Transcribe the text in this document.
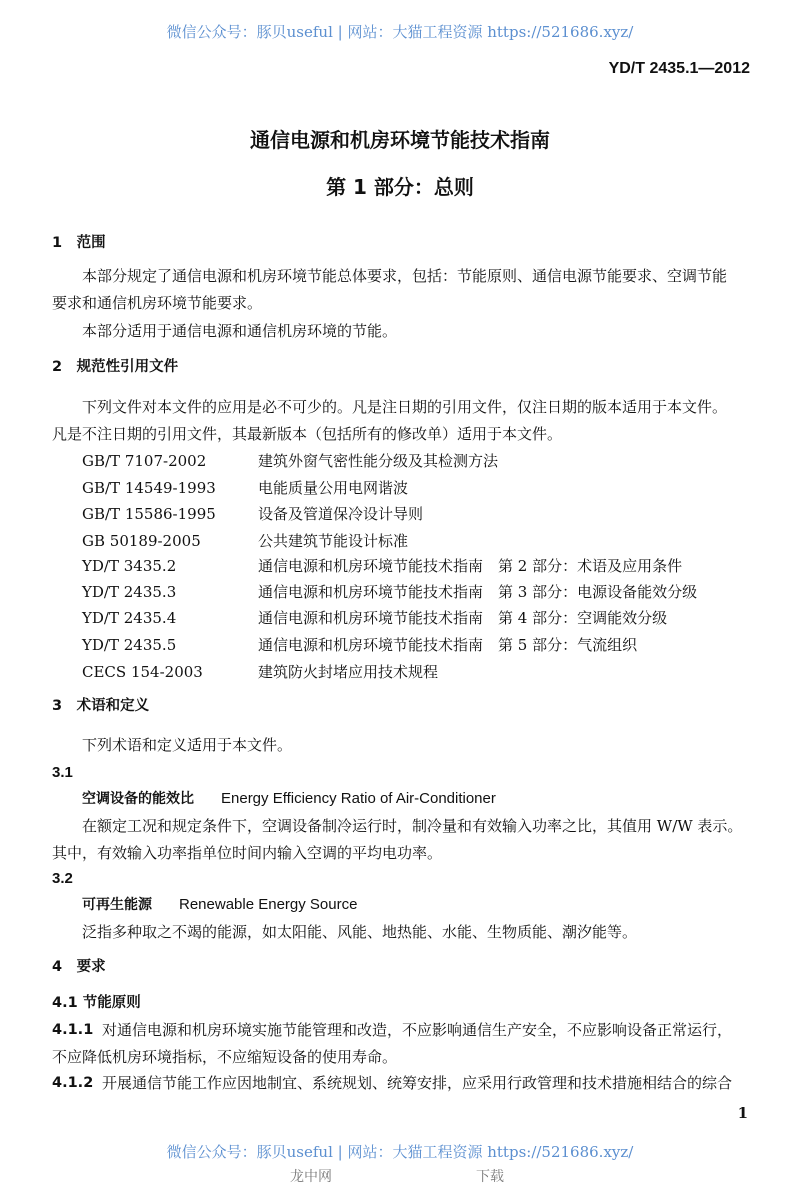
微信公众号：豚贝useful | 网站：大猫工程资源 https://521686.xyz/
YD/T 2435.1—2012
通信电源和机房环境节能技术指南
第 1 部分：总则
1　范围
本部分规定了通信电源和机房环境节能总体要求，包括：节能原则、通信电源节能要求、空调节能
要求和通信机房环境节能要求。
本部分适用于通信电源和通信机房环境的节能。
2　规范性引用文件
下列文件对本文件的应用是必不可少的。凡是注日期的引用文件，仅注日期的版本适用于本文件。
凡是不注日期的引用文件，其最新版本（包括所有的修改单）适用于本文件。
GB/T 7107-2002	建筑外窗气密性能分级及其检测方法
GB/T 14549-1993	电能质量公用电网谐波
GB/T 15586-1995	设备及管道保冷设计导则
GB 50189-2005	公共建筑节能设计标准
YD/T 3435.2	通信电源和机房环境节能技术指南　第 2 部分：术语及应用条件
YD/T 2435.3	通信电源和机房环境节能技术指南　第 3 部分：电源设备能效分级
YD/T 2435.4	通信电源和机房环境节能技术指南　第 4 部分：空调能效分级
YD/T 2435.5	通信电源和机房环境节能技术指南　第 5 部分：气流组织
CECS 154-2003	建筑防火封堵应用技术规程
3　术语和定义
下列术语和定义适用于本文件。
3.1
空调设备的能效比 Energy Efficiency Ratio of Air-Conditioner
在额定工况和规定条件下，空调设备制冷运行时，制冷量和有效输入功率之比，其值用 W/W 表示。
其中，有效输入功率指单位时间内输入空调的平均电功率。
3.2
可再生能源 Renewable Energy Source
泛指多种取之不竭的能源，如太阳能、风能、地热能、水能、生物质能、潮汐能等。
4　要求
4.1 节能原则
4.1.1 对通信电源和机房环境实施节能管理和改造，不应影响通信生产安全，不应影响设备正常运行，
不应降低机房环境指标，不应缩短设备的使用寿命。
4.1.2 开展通信节能工作应因地制宜、系统规划、统筹安排，应采用行政管理和技术措施相结合的综合
1
微信公众号：豚贝useful | 网站：大猫工程资源 https://521686.xyz/
龙中网	下载
